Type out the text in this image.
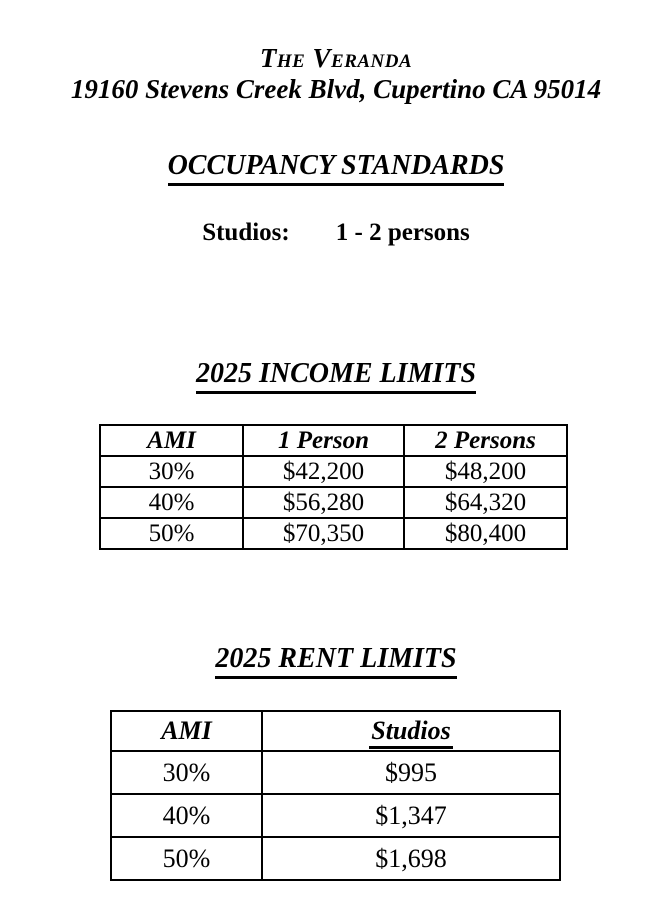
The Veranda
19160 Stevens Creek Blvd, Cupertino CA 95014
OCCUPANCY STANDARDS
Studios: 1 - 2 persons
2025 INCOME LIMITS
AMI	1 Person	2 Persons
30%	$42,200	$48,200
40%	$56,280	$64,320
50%	$70,350	$80,400
2025 RENT LIMITS
AMI	Studios
30%	$995
40%	$1,347
50%	$1,698
